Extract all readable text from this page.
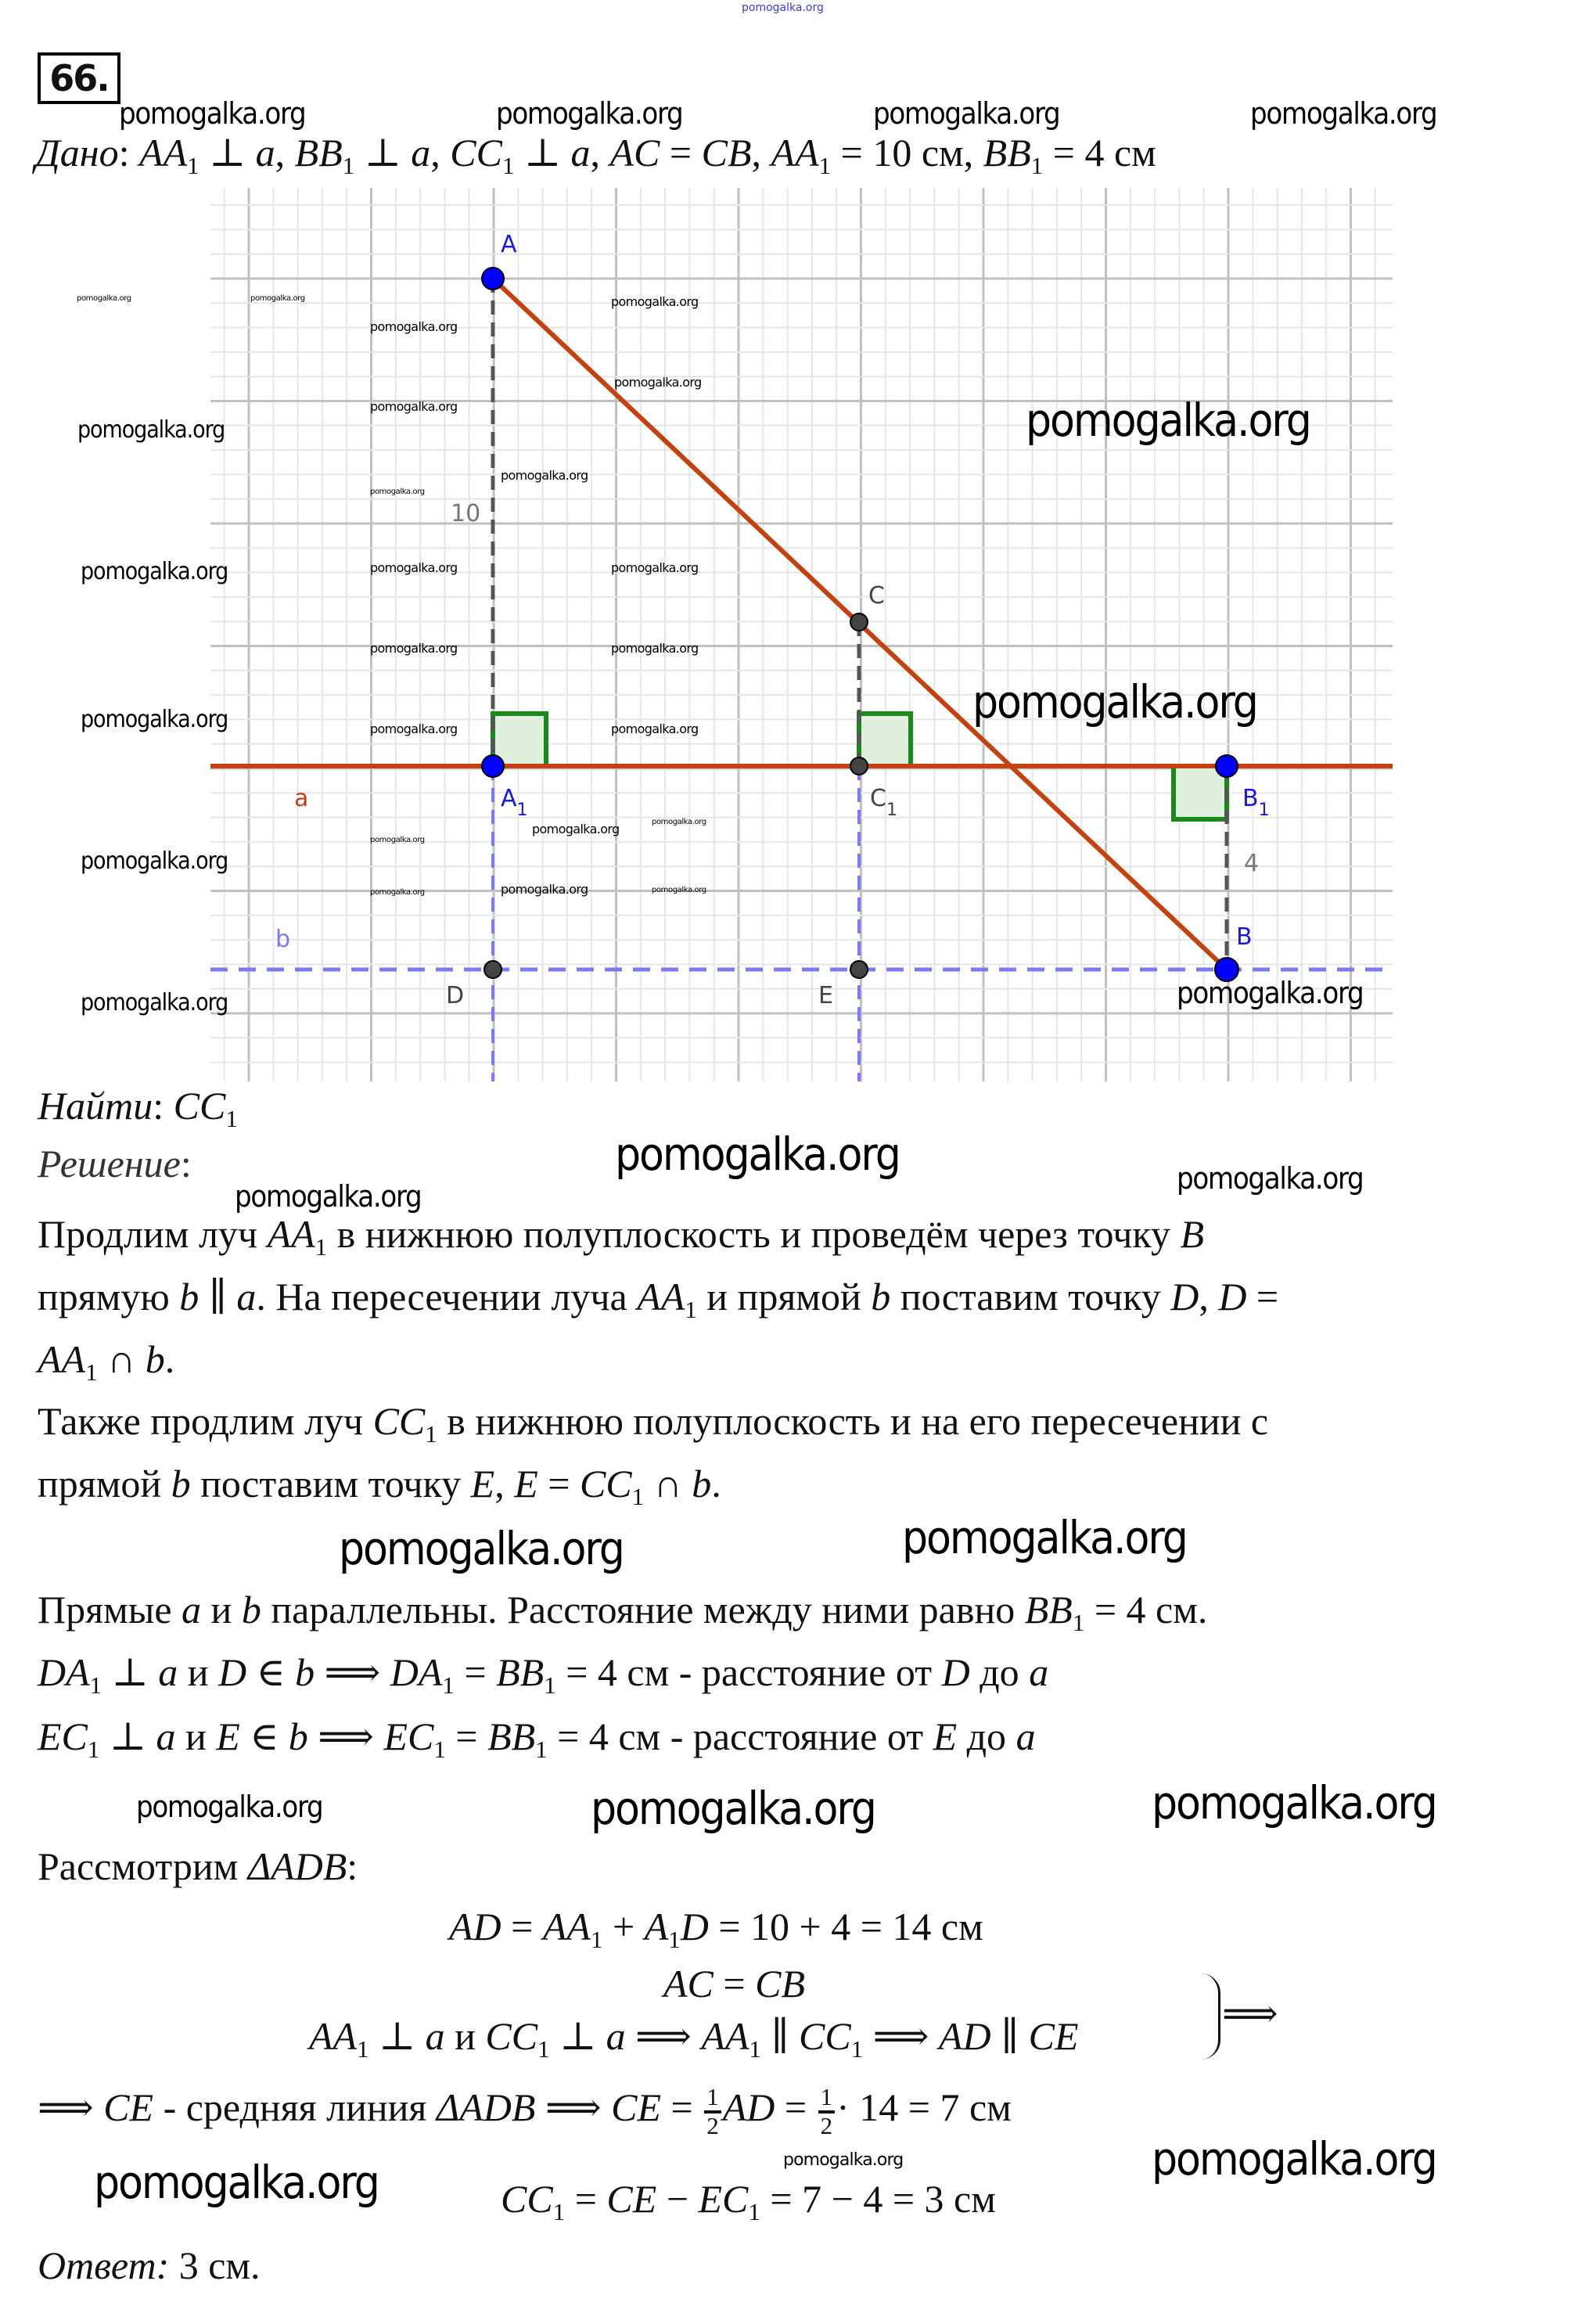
pomogalka.org
66.
pomogalka.org	pomogalka.org	pomogalka.org	pomogalka.org
Дано: AA1 ⊥ a, BB1 ⊥ a, CC1 ⊥ a, AC = CB, AA1 = 10 см, BB1 = 4 см
A
C
$A_1$	$C_1$	$B_1$
B
D	E
a
b
10
4
pomogalka.org
pomogalka.org
pomogalka.org
pomogalka.org
pomogalka.org
pomogalka.org
pomogalka.org
pomogalka.org
pomogalka.org
pomogalka.org
pomogalka.org
pomogalka.org
pomogalka.org
pomogalka.org	pomogalka.org
pomogalka.org	pomogalka.org
pomogalka.org	pomogalka.org
pomogalka.org
pomogalka.org
pomogalka.org
pomogalka.org
pomogalka.org
pomogalka.org
pomogalka.org
pomogalka.org	pomogalka.org
Найти: CC1
Решение:
Продлим луч AA1 в нижнюю полуплоскость и проведём через точку B
прямую b ∥ a. На пересечении луча AA1 и прямой b поставим точку D, D =
AA1 ∩ b.
Также продлим луч CC1 в нижнюю полуплоскость и на его пересечении с
прямой b поставим точку E, E = CC1 ∩ b.
Прямые a и b параллельны. Расстояние между ними равно BB1 = 4 см.
DA1 ⊥ a и D ∈ b ⟹ DA1 = BB1 = 4 см - расстояние от D до a
EC1 ⊥ a и E ∈ b ⟹ EC1 = BB1 = 4 см - расстояние от E до a
Рассмотрим ΔADB:
AD = AA1 + A1D = 10 + 4 = 14 см
AC = CB
AA1 ⊥ a и CC1 ⊥ a ⟹ AA1 ∥ CC1 ⟹ AD ∥ CE
⟹
⟹ CE - средняя линия ΔADB ⟹ CE = $\frac{1}{2}$ AD = $\frac{1}{2} \cdot 14 = 7$ см
CC1 = CE − EC1 = 7 − 4 = 3 см
Ответ: 3 см.
pomogalka.org	pomogalka.org
pomogalka.org
pomogalka.org
pomogalka.org
pomogalka.org	pomogalka.org	pomogalka.org
pomogalka.org	pomogalka.org	pomogalka.org
